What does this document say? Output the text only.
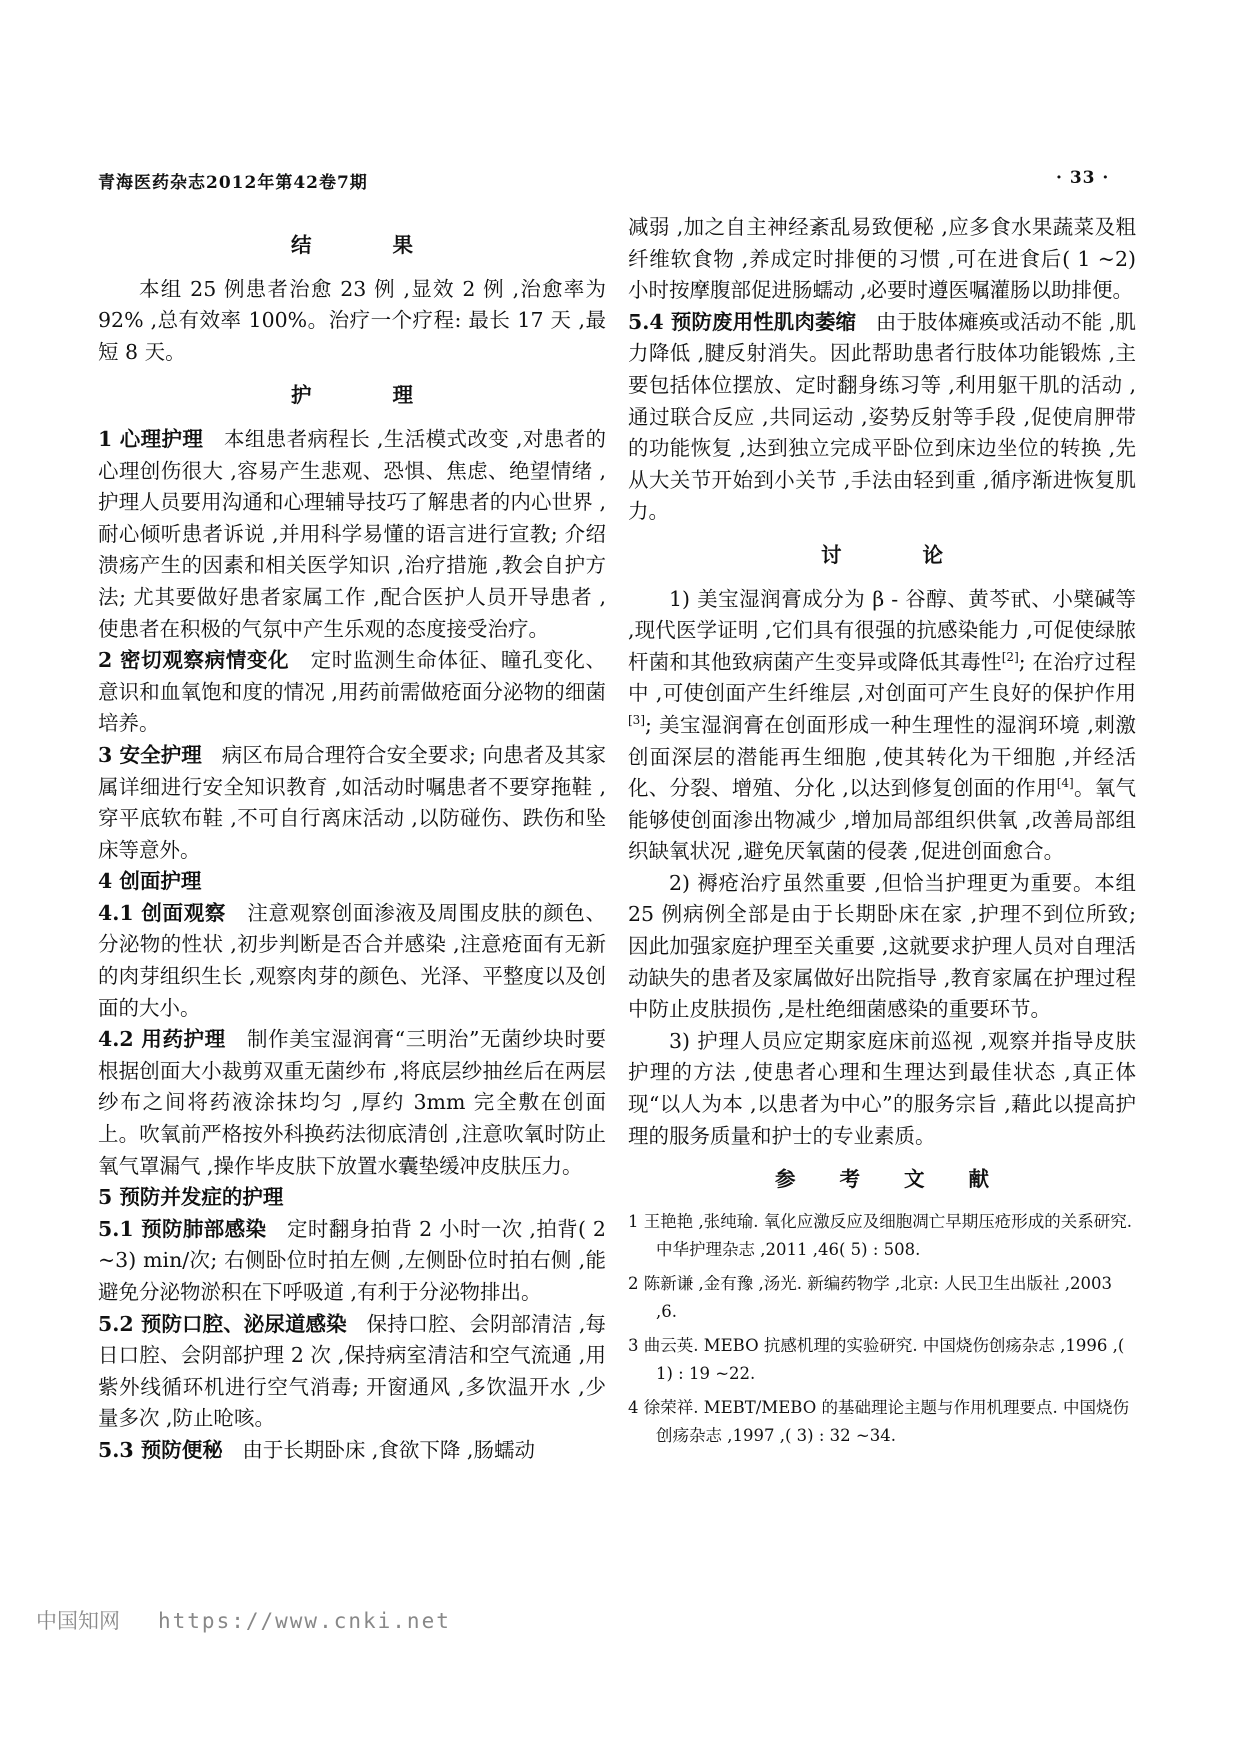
青海医药杂志2012年第42卷7期	· 33 ·

结 果

本组 25 例患者治愈 23 例 ,显效 2 例 ,治愈率为 92% ,总有效率 100%。治疗一个疗程: 最长 17 天 ,最短 8 天。

护 理

1 心理护理 本组患者病程长 ,生活模式改变 ,对患者的心理创伤很大 ,容易产生悲观、恐惧、焦虑、绝望情绪 ,护理人员要用沟通和心理辅导技巧了解患者的内心世界 ,耐心倾听患者诉说 ,并用科学易懂的语言进行宣教; 介绍溃疡产生的因素和相关医学知识 ,治疗措施 ,教会自护方法; 尤其要做好患者家属工作 ,配合医护人员开导患者 ,使患者在积极的气氛中产生乐观的态度接受治疗。

2 密切观察病情变化 定时监测生命体征、瞳孔变化、意识和血氧饱和度的情况 ,用药前需做疮面分泌物的细菌培养。

3 安全护理 病区布局合理符合安全要求; 向患者及其家属详细进行安全知识教育 ,如活动时嘱患者不要穿拖鞋 ,穿平底软布鞋 ,不可自行离床活动 ,以防碰伤、跌伤和坠床等意外。

4 创面护理

4.1 创面观察 注意观察创面渗液及周围皮肤的颜色、分泌物的性状 ,初步判断是否合并感染 ,注意疮面有无新的肉芽组织生长 ,观察肉芽的颜色、光泽、平整度以及创面的大小。

4.2 用药护理 制作美宝湿润膏“三明治”无菌纱块时要根据创面大小裁剪双重无菌纱布 ,将底层纱抽丝后在两层纱布之间将药液涂抹均匀 ,厚约 3mm 完全敷在创面上。吹氧前严格按外科换药法彻底清创 ,注意吹氧时防止氧气罩漏气 ,操作毕皮肤下放置水囊垫缓冲皮肤压力。

5 预防并发症的护理

5.1 预防肺部感染 定时翻身拍背 2 小时一次 ,拍背( 2 ~3) min/次; 右侧卧位时拍左侧 ,左侧卧位时拍右侧 ,能避免分泌物淤积在下呼吸道 ,有利于分泌物排出。

5.2 预防口腔、泌尿道感染 保持口腔、会阴部清洁 ,每日口腔、会阴部护理 2 次 ,保持病室清洁和空气流通 ,用紫外线循环机进行空气消毒; 开窗通风 ,多饮温开水 ,少量多次 ,防止呛咳。

5.3 预防便秘 由于长期卧床 ,食欲下降 ,肠蠕动

减弱 ,加之自主神经紊乱易致便秘 ,应多食水果蔬菜及粗纤维软食物 ,养成定时排便的习惯 ,可在进食后( 1 ~2) 小时按摩腹部促进肠蠕动 ,必要时遵医嘱灌肠以助排便。

5.4 预防废用性肌肉萎缩 由于肢体瘫痪或活动不能 ,肌力降低 ,腱反射消失。因此帮助患者行肢体功能锻炼 ,主要包括体位摆放、定时翻身练习等 ,利用躯干肌的活动 ,通过联合反应 ,共同运动 ,姿势反射等手段 ,促使肩胛带的功能恢复 ,达到独立完成平卧位到床边坐位的转换 ,先从大关节开始到小关节 ,手法由轻到重 ,循序渐进恢复肌力。

讨 论

1) 美宝湿润膏成分为 β - 谷醇、黄芩甙、小檗碱等 ,现代医学证明 ,它们具有很强的抗感染能力 ,可促使绿脓杆菌和其他致病菌产生变异或降低其毒性[2]; 在治疗过程中 ,可使创面产生纤维层 ,对创面可产生良好的保护作用[3]; 美宝湿润膏在创面形成一种生理性的湿润环境 ,刺激创面深层的潜能再生细胞 ,使其转化为干细胞 ,并经活化、分裂、增殖、分化 ,以达到修复创面的作用[4]。氧气能够使创面渗出物减少 ,增加局部组织供氧 ,改善局部组织缺氧状况 ,避免厌氧菌的侵袭 ,促进创面愈合。

2) 褥疮治疗虽然重要 ,但恰当护理更为重要。本组 25 例病例全部是由于长期卧床在家 ,护理不到位所致; 因此加强家庭护理至关重要 ,这就要求护理人员对自理活动缺失的患者及家属做好出院指导 ,教育家属在护理过程中防止皮肤损伤 ,是杜绝细菌感染的重要环节。

3) 护理人员应定期家庭床前巡视 ,观察并指导皮肤护理的方法 ,使患者心理和生理达到最佳状态 ,真正体现“以人为本 ,以患者为中心”的服务宗旨 ,藉此以提高护理的服务质量和护士的专业素质。

参 考 文 献

1 王艳艳 ,张纯瑜. 氧化应激反应及细胞凋亡早期压疮形成的关系研究. 中华护理杂志 ,2011 ,46( 5) : 508.

2 陈新谦 ,金有豫 ,汤光. 新编药物学 ,北京: 人民卫生出版社 ,2003 ,6.

3 曲云英. MEBO 抗感机理的实验研究. 中国烧伤创疡杂志 ,1996 ,( 1) : 19 ~22.

4 徐荣祥. MEBT/MEBO 的基础理论主题与作用机理要点. 中国烧伤创疡杂志 ,1997 ,( 3) : 32 ~34.

中国知网 https://www.cnki.net
